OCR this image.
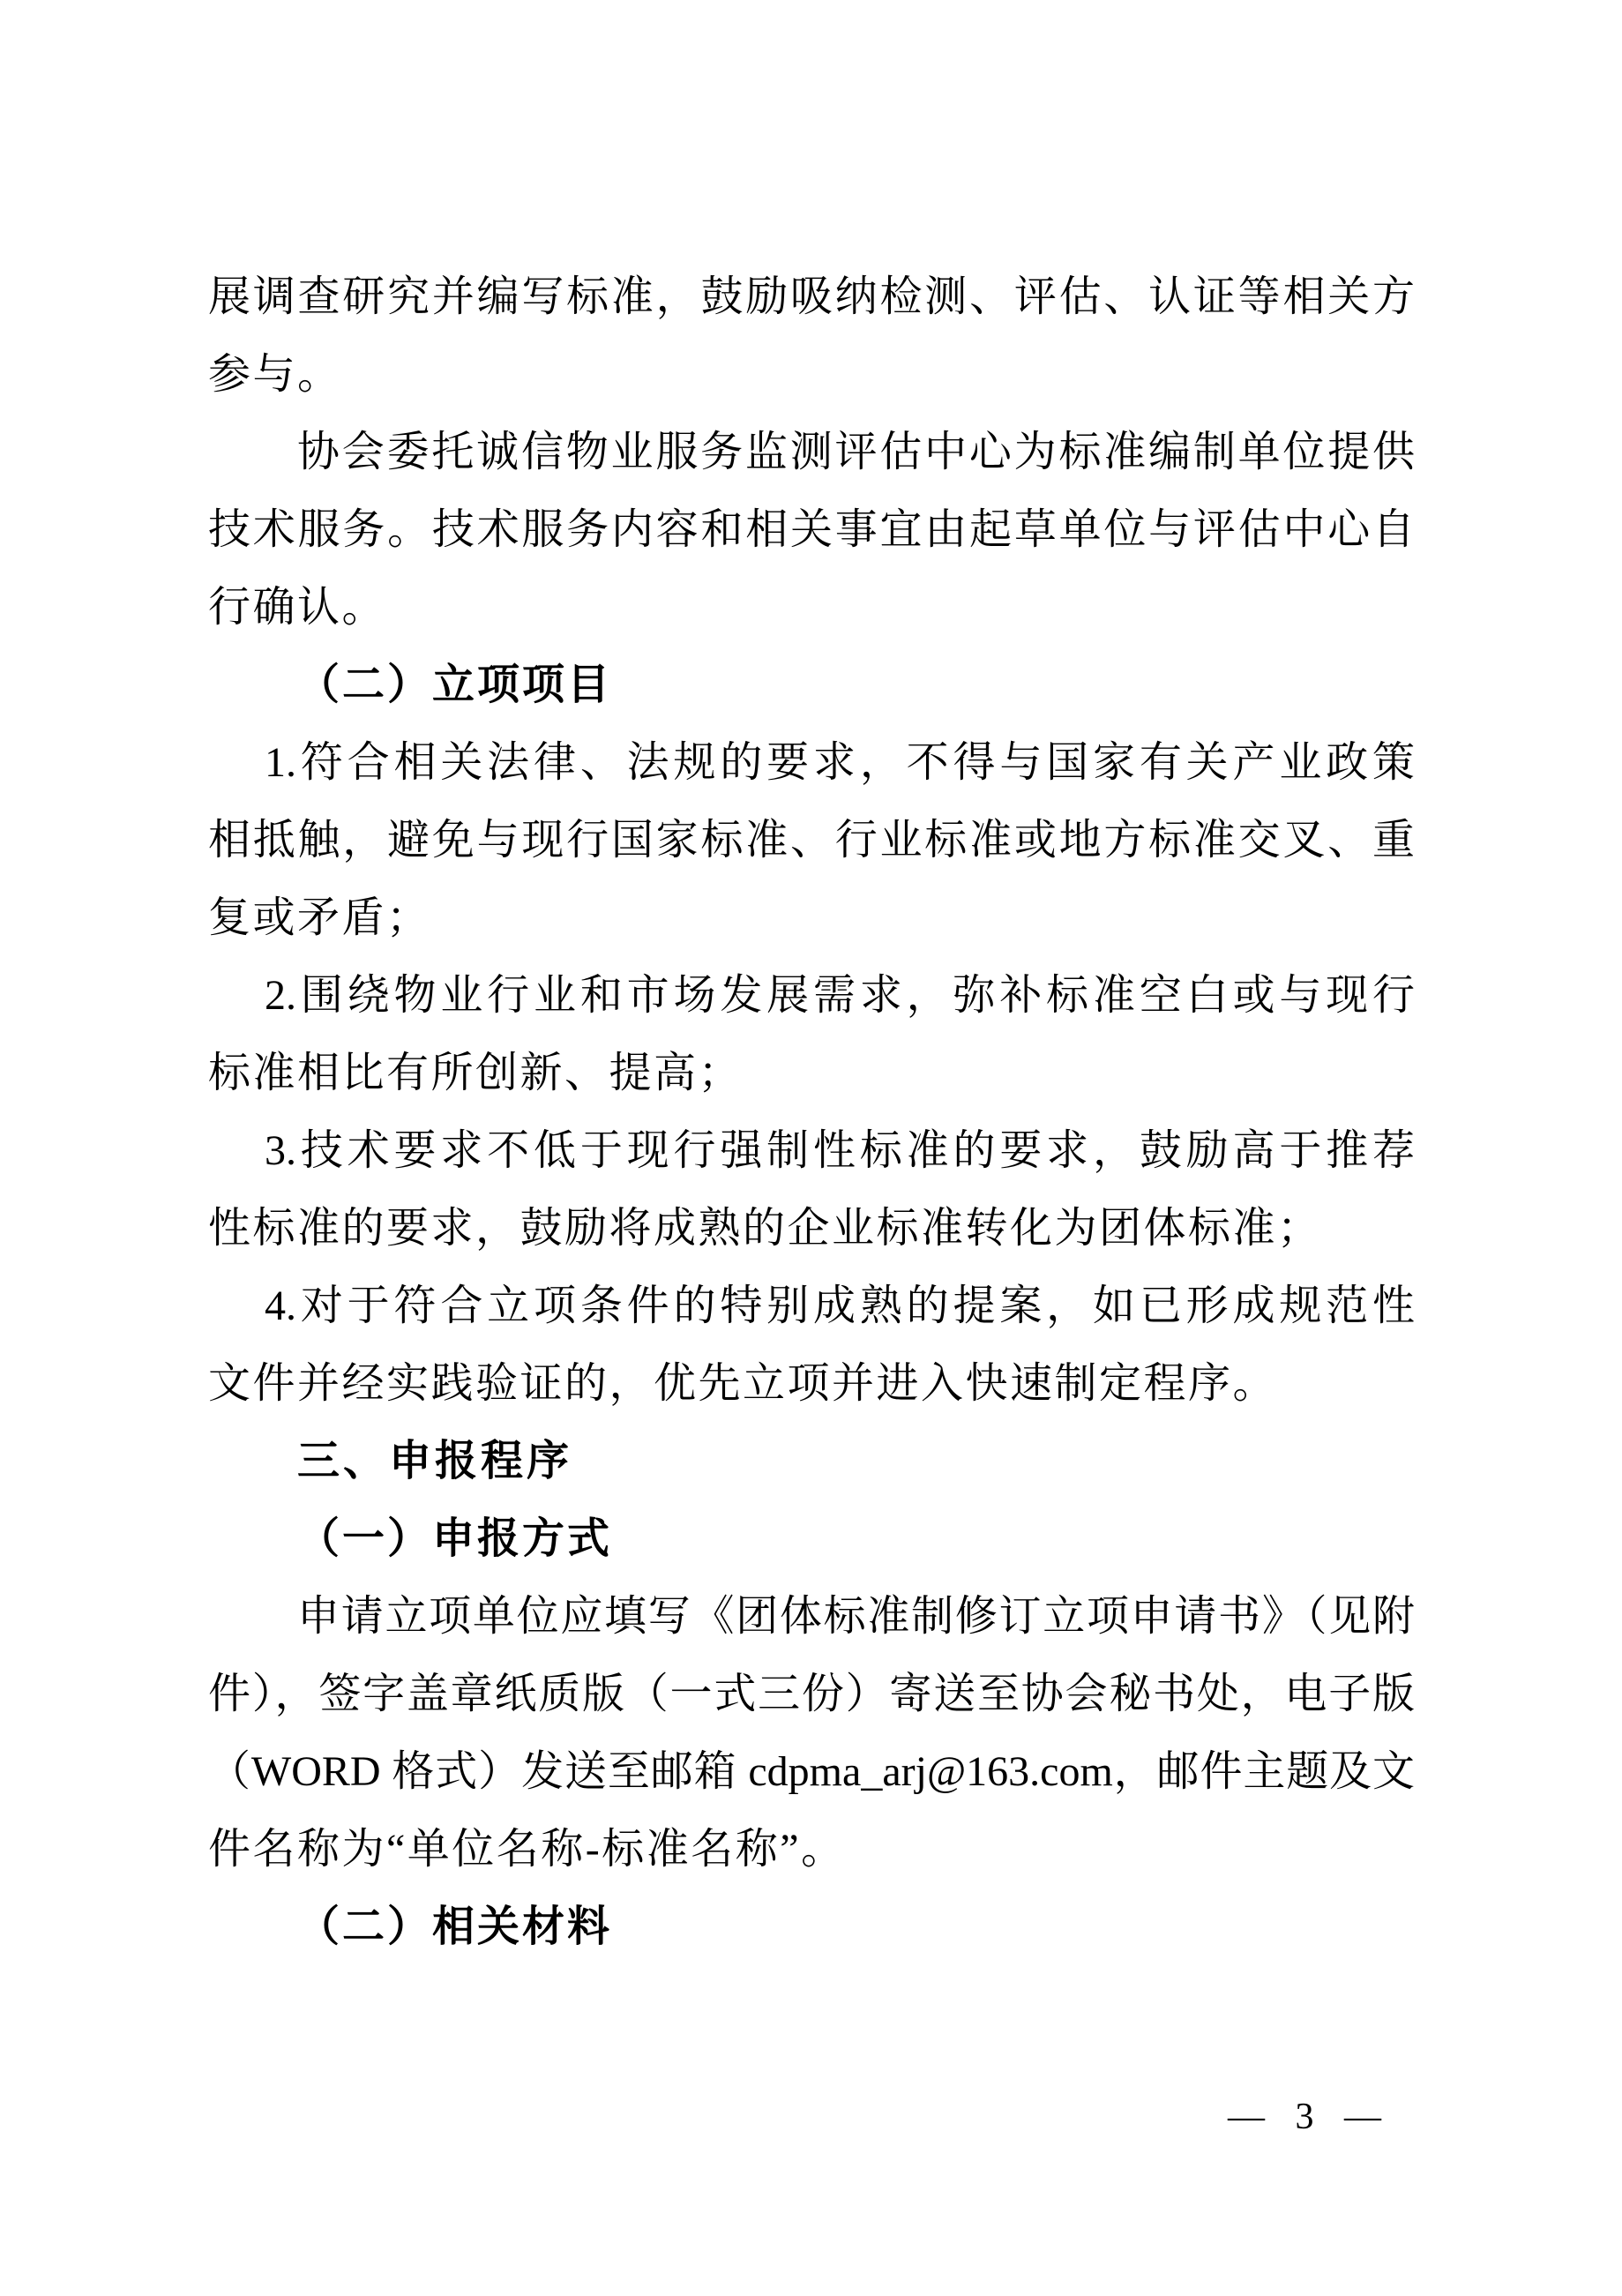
展调查研究并编写标准，鼓励吸纳检测、评估、认证等相关方
参与。
协会委托诚信物业服务监测评估中心为标准编制单位提供
技术服务。技术服务内容和相关事宜由起草单位与评估中心自
行确认。
（二）立项项目
1.符合相关法律、法规的要求，不得与国家有关产业政策
相抵触，避免与现行国家标准、行业标准或地方标准交叉、重
复或矛盾；
2.围绕物业行业和市场发展需求，弥补标准空白或与现行
标准相比有所创新、提高；
3.技术要求不低于现行强制性标准的要求，鼓励高于推荐
性标准的要求，鼓励将成熟的企业标准转化为团体标准；
4.对于符合立项条件的特别成熟的提案，如已形成规范性
文件并经实践验证的，优先立项并进入快速制定程序。
三、申报程序
（一）申报方式
申请立项单位应填写《团体标准制修订立项申请书》（见附
件），签字盖章纸质版（一式三份）寄送至协会秘书处，电子版
（WORD 格式）发送至邮箱 cdpma_arj@163.com，邮件主题及文
件名称为“单位名称-标准名称”。
（二）相关材料
— 3 —
